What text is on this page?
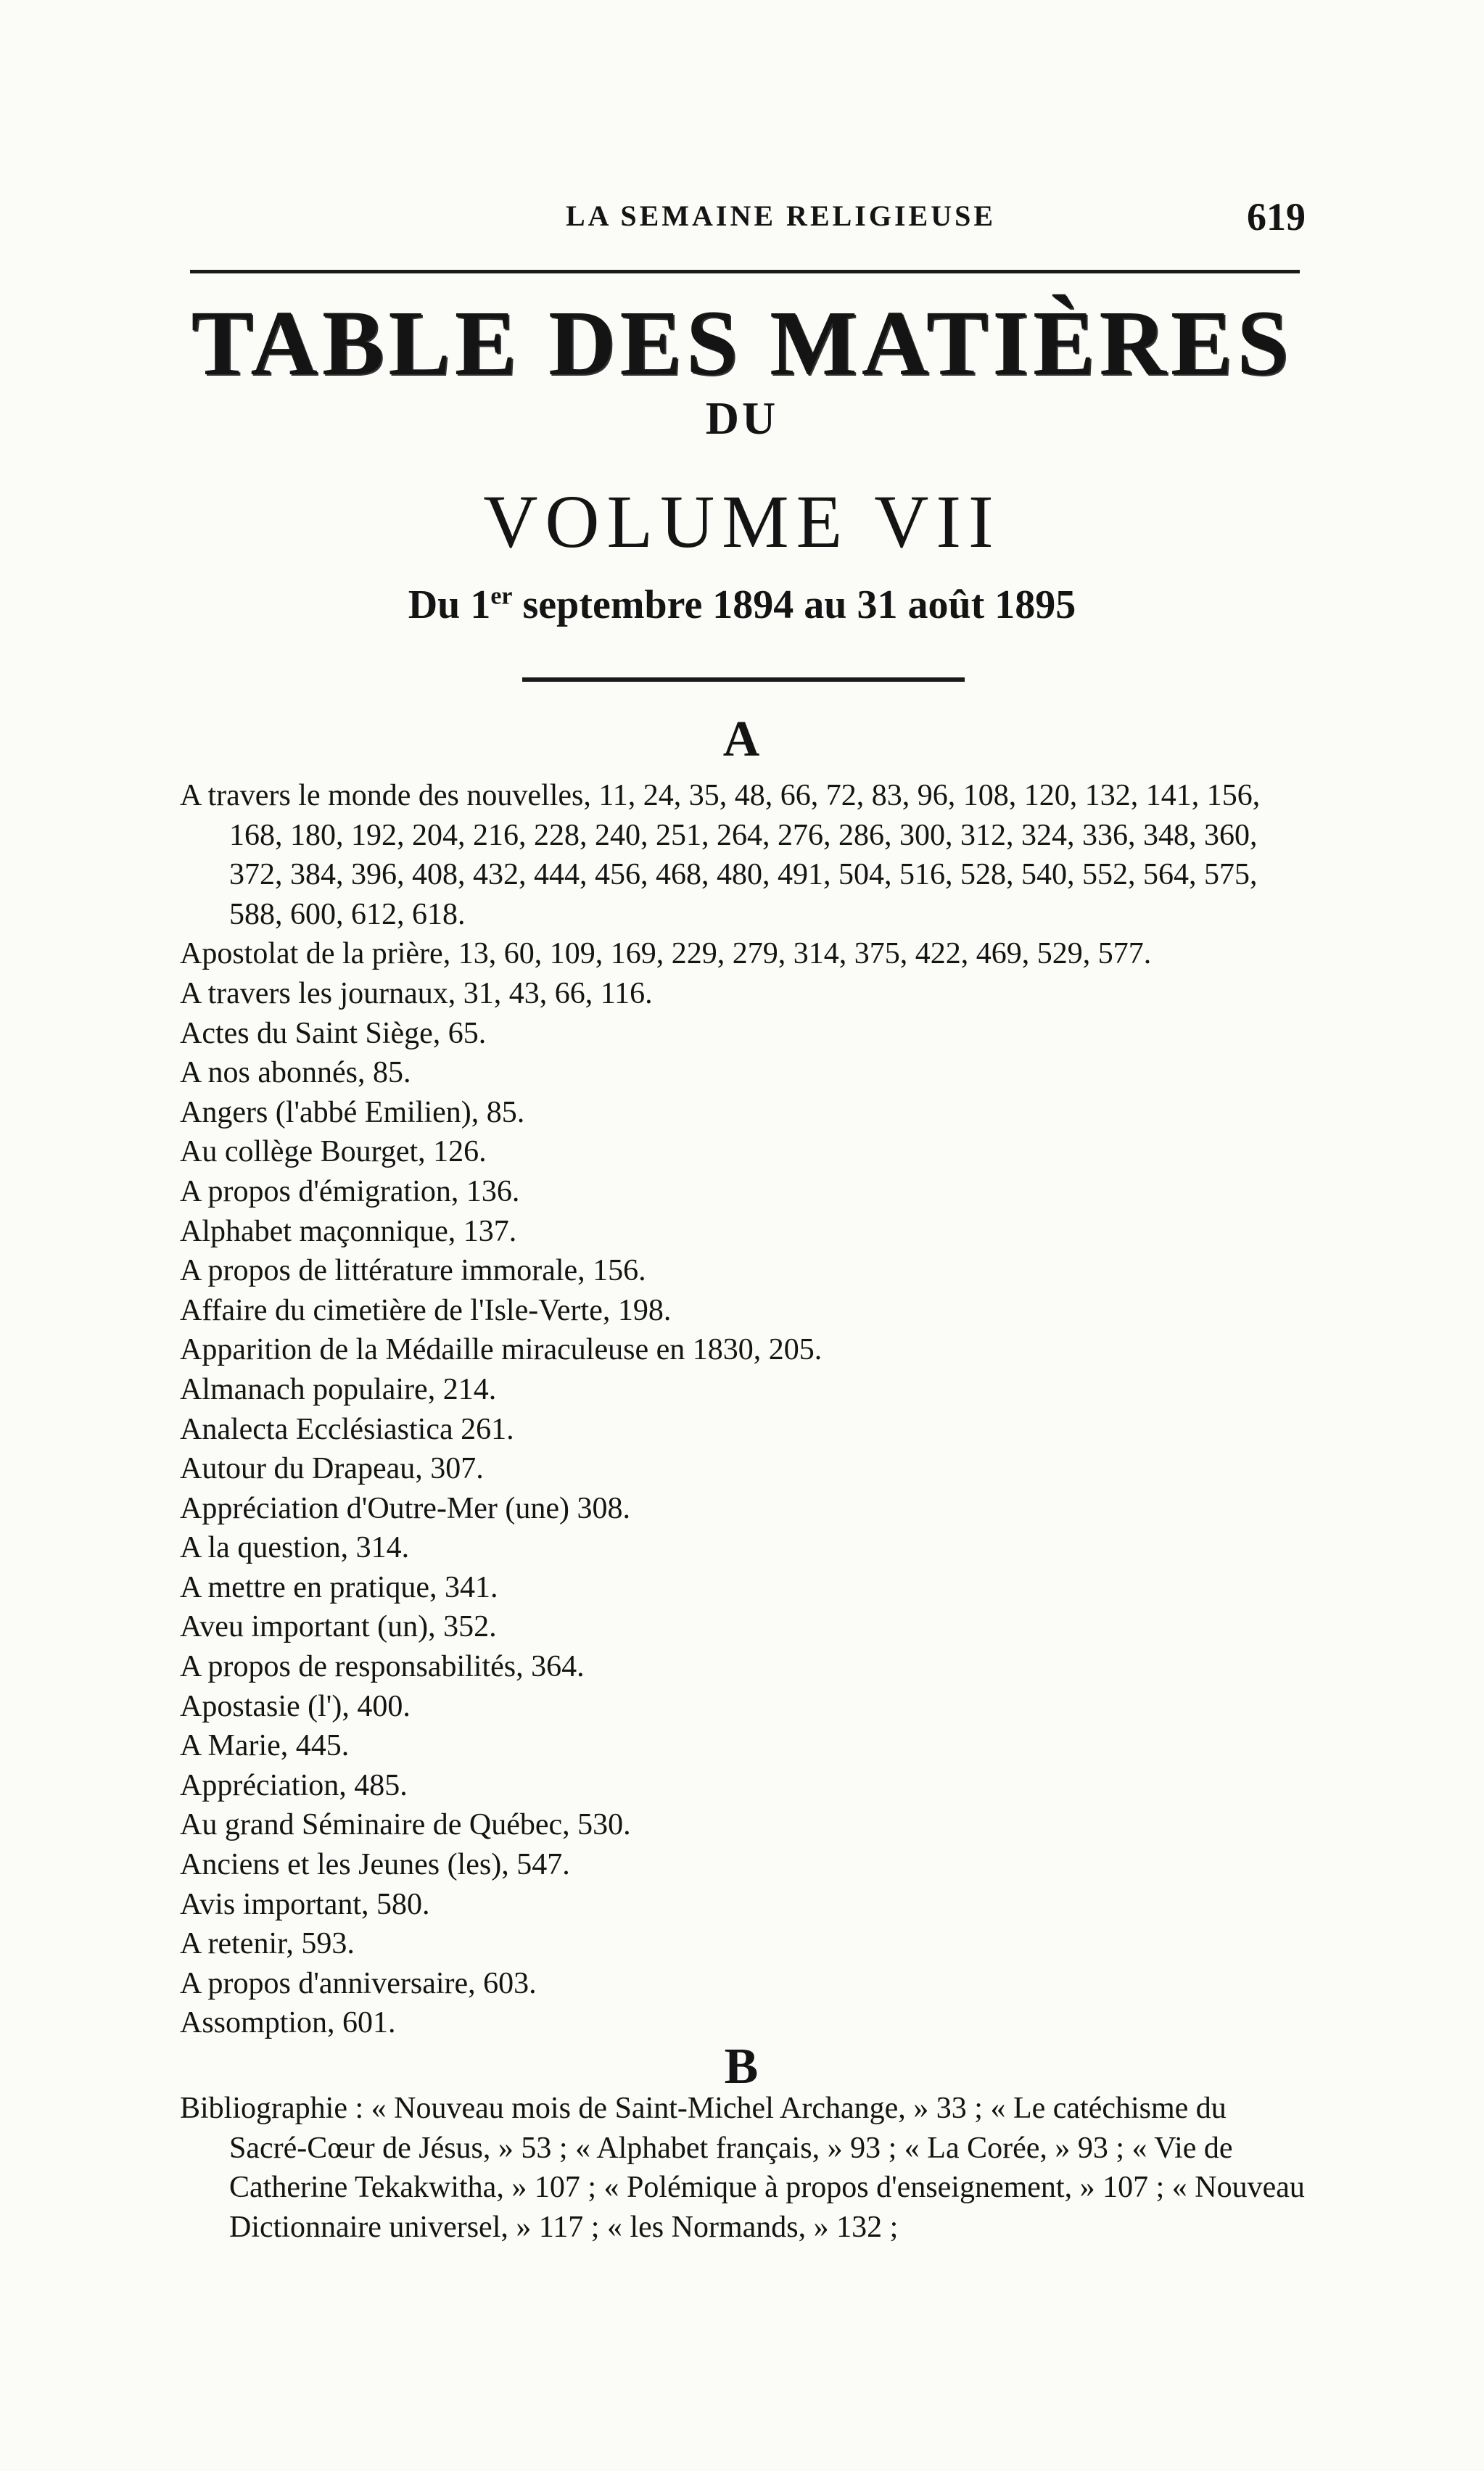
LA SEMAINE RELIGIEUSE	619
TABLE DES MATIÈRES
DU
VOLUME VII
Du 1er septembre 1894 au 31 août 1895
A
A travers le monde des nouvelles, 11, 24, 35, 48, 66, 72, 83, 96, 108, 120, 132, 141, 156, 168, 180, 192, 204, 216, 228, 240, 251, 264, 276, 286, 300, 312, 324, 336, 348, 360, 372, 384, 396, 408, 432, 444, 456, 468, 480, 491, 504, 516, 528, 540, 552, 564, 575, 588, 600, 612, 618.
Apostolat de la prière, 13, 60, 109, 169, 229, 279, 314, 375, 422, 469, 529, 577.
A travers les journaux, 31, 43, 66, 116.
Actes du Saint Siège, 65.
A nos abonnés, 85.
Angers (l'abbé Emilien), 85.
Au collège Bourget, 126.
A propos d'émigration, 136.
Alphabet maçonnique, 137.
A propos de littérature immorale, 156.
Affaire du cimetière de l'Isle-Verte, 198.
Apparition de la Médaille miraculeuse en 1830, 205.
Almanach populaire, 214.
Analecta Ecclésiastica 261.
Autour du Drapeau, 307.
Appréciation d'Outre-Mer (une) 308.
A la question, 314.
A mettre en pratique, 341.
Aveu important (un), 352.
A propos de responsabilités, 364.
Apostasie (l'), 400.
A Marie, 445.
Appréciation, 485.
Au grand Séminaire de Québec, 530.
Anciens et les Jeunes (les), 547.
Avis important, 580.
A retenir, 593.
A propos d'anniversaire, 603.
Assomption, 601.
B
Bibliographie : « Nouveau mois de Saint-Michel Archange, » 33 ; « Le catéchisme du Sacré-Cœur de Jésus, » 53 ; « Alphabet français, » 93 ; « La Corée, » 93 ; « Vie de Catherine Tekakwitha, » 107 ; « Polémique à propos d'enseignement, » 107 ; « Nouveau Dictionnaire universel, » 117 ; « les Normands, » 132 ;
